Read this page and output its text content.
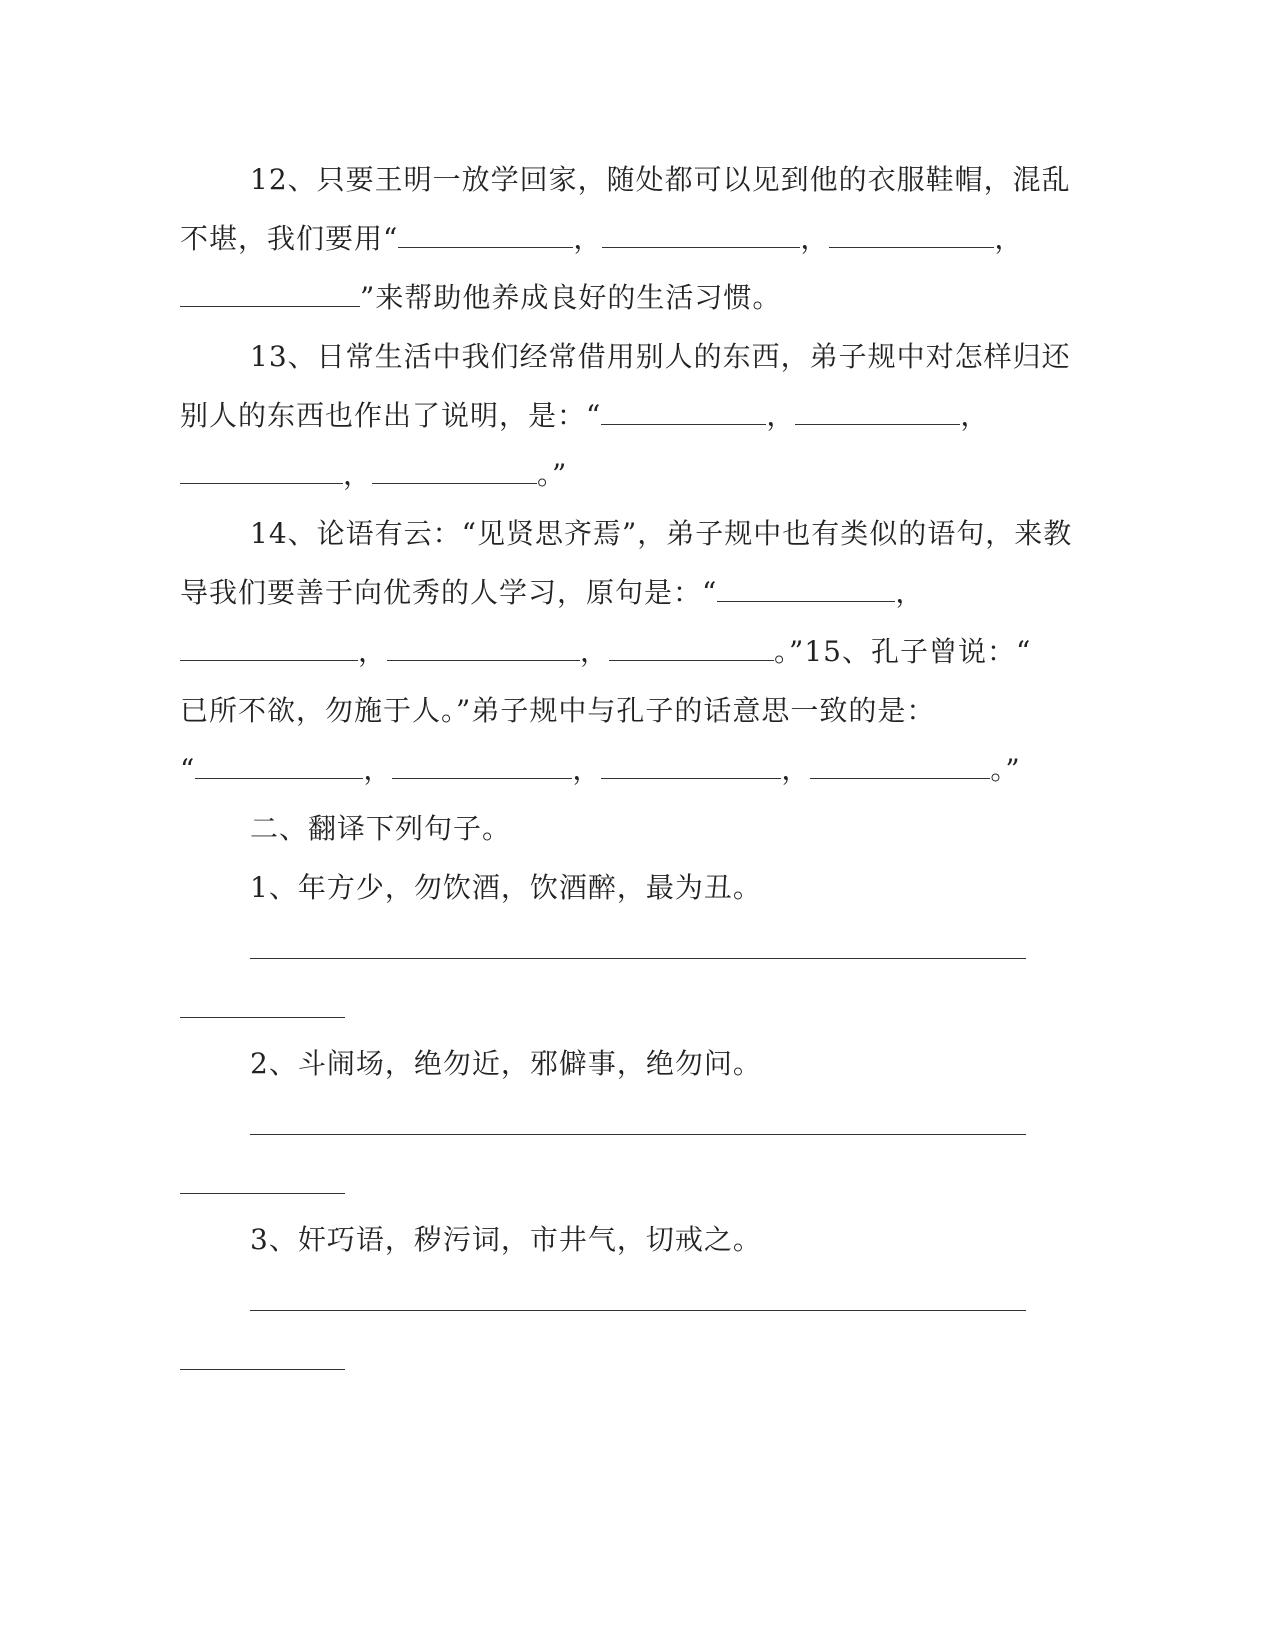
12、只要王明一放学回家，随处都可以见到他的衣服鞋帽，混乱
不堪，我们要用“	，	，	，
”来帮助他养成良好的生活习惯。
13、日常生活中我们经常借用别人的东西，弟子规中对怎样归还
别人的东西也作出了说明，是：“	，	，
，	。”
14、论语有云：“见贤思齐焉”，弟子规中也有类似的语句，来教
导我们要善于向优秀的人学习，原句是：“	，
，	，	。”15、孔子曾说：“
已所不欲，勿施于人。”弟子规中与孔子的话意思一致的是：
“	，	，	，	。”
二、翻译下列句子。
1、年方少，勿饮酒，饮酒醉，最为丑。
2、斗闹场，绝勿近，邪僻事，绝勿问。
3、奸巧语，秽污词，市井气，切戒之。
